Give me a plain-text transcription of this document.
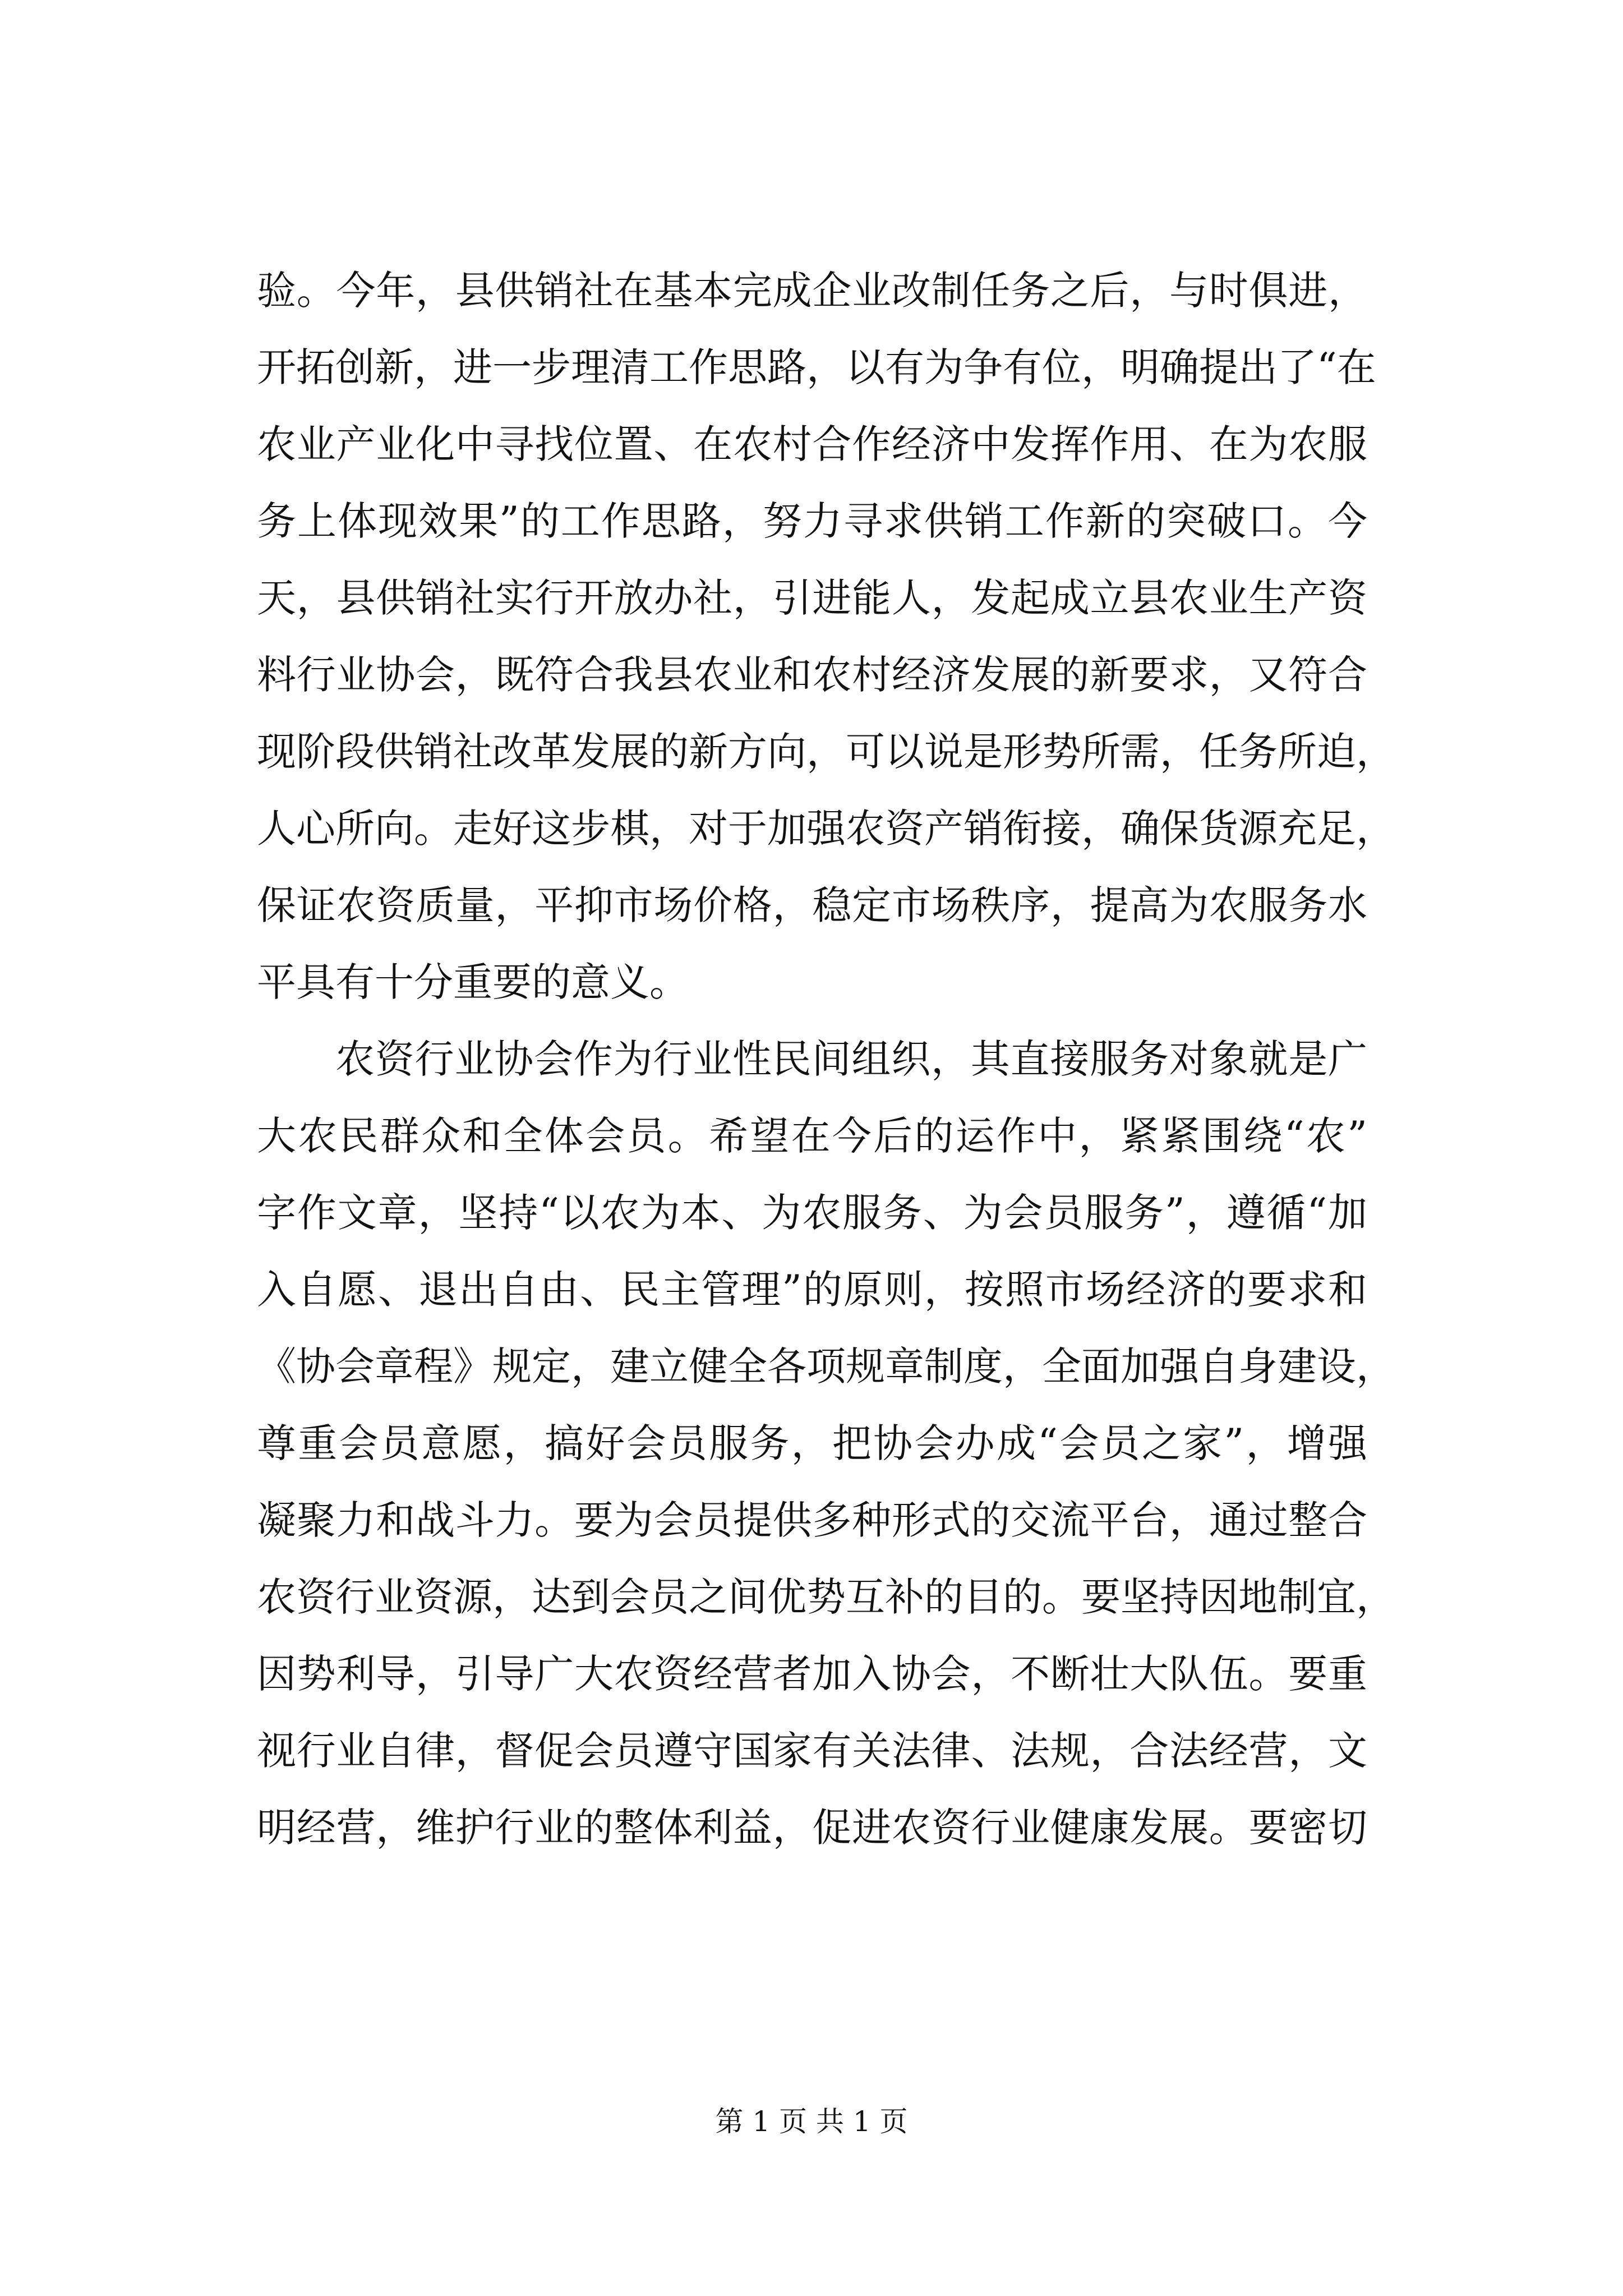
验。今年，县供销社在基本完成企业改制任务之后，与时俱进，
开拓创新，进一步理清工作思路，以有为争有位，明确提出了“在
农业产业化中寻找位置、在农村合作经济中发挥作用、在为农服
务上体现效果”的工作思路，努力寻求供销工作新的突破口。今
天，县供销社实行开放办社，引进能人，发起成立县农业生产资
料行业协会，既符合我县农业和农村经济发展的新要求，又符合
现阶段供销社改革发展的新方向，可以说是形势所需，任务所迫，
人心所向。走好这步棋，对于加强农资产销衔接，确保货源充足，
保证农资质量，平抑市场价格，稳定市场秩序，提高为农服务水
平具有十分重要的意义。
农资行业协会作为行业性民间组织，其直接服务对象就是广
大农民群众和全体会员。希望在今后的运作中，紧紧围绕“农”
字作文章，坚持“以农为本、为农服务、为会员服务”，遵循“加
入自愿、退出自由、民主管理”的原则，按照市场经济的要求和
《协会章程》规定，建立健全各项规章制度，全面加强自身建设，
尊重会员意愿，搞好会员服务，把协会办成“会员之家”，增强
凝聚力和战斗力。要为会员提供多种形式的交流平台，通过整合
农资行业资源，达到会员之间优势互补的目的。要坚持因地制宜，
因势利导，引导广大农资经营者加入协会，不断壮大队伍。要重
视行业自律，督促会员遵守国家有关法律、法规，合法经营，文
明经营，维护行业的整体利益，促进农资行业健康发展。要密切
第 1 页 共 1 页
